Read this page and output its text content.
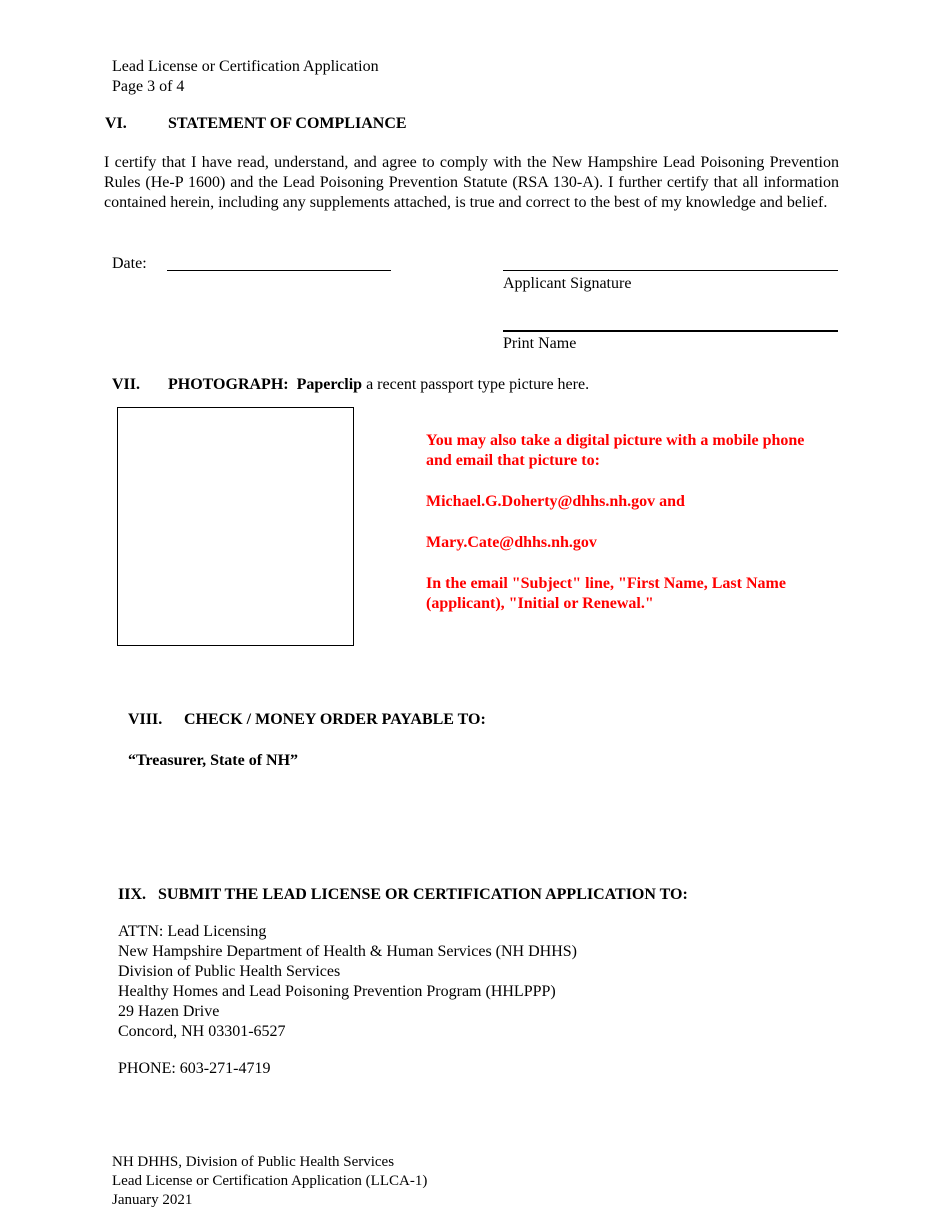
Lead License or Certification Application
Page 3 of 4
VI.	STATEMENT OF COMPLIANCE
I certify that I have read, understand, and agree to comply with the New Hampshire Lead Poisoning Prevention Rules (He-P 1600) and the Lead Poisoning Prevention Statute (RSA 130-A). I further certify that all information contained herein, including any supplements attached, is true and correct to the best of my knowledge and belief.
Date:
Applicant Signature
Print Name
VII. PHOTOGRAPH: Paperclip a recent passport type picture here.

You may also take a digital picture with a mobile phone and email that picture to:

Michael.G.Doherty@dhhs.nh.gov and

Mary.Cate@dhhs.nh.gov

In the email "Subject" line, "First Name, Last Name (applicant), "Initial or Renewal."

VIII. CHECK / MONEY ORDER PAYABLE TO:
“Treasurer, State of NH”
IIX.   SUBMIT THE LEAD LICENSE OR CERTIFICATION APPLICATION TO:
ATTN: Lead Licensing
New Hampshire Department of Health & Human Services (NH DHHS)
Division of Public Health Services
Healthy Homes and Lead Poisoning Prevention Program (HHLPPP)
29 Hazen Drive
Concord, NH 03301-6527
PHONE: 603-271-4719
NH DHHS, Division of Public Health Services
Lead License or Certification Application (LLCA-1)
January 2021
